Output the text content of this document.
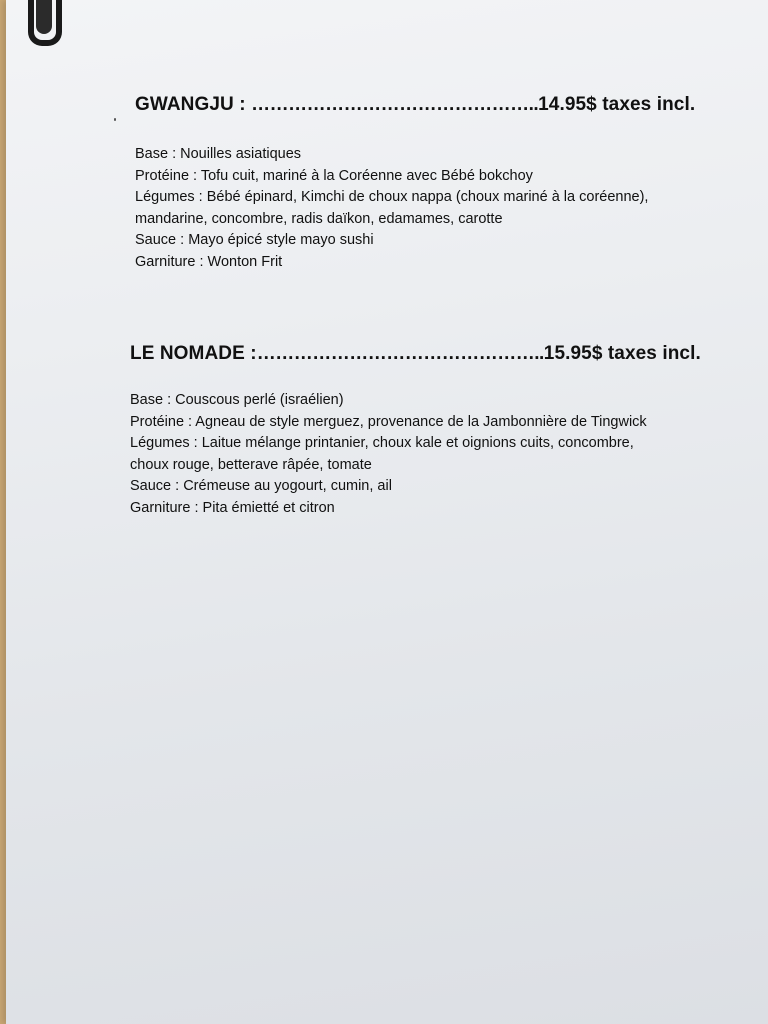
GWANGJU : ………………………………………..14.95$ taxes incl.
Base : Nouilles asiatiques
Protéine : Tofu cuit, mariné à la Coréenne avec Bébé bokchoy
Légumes : Bébé épinard, Kimchi de choux nappa (choux mariné à la coréenne),
mandarine, concombre, radis daïkon, edamames, carotte
Sauce : Mayo épicé style mayo sushi
Garniture : Wonton Frit
LE NOMADE :………………………………………..15.95$ taxes incl.
Base : Couscous perlé (israélien)
Protéine : Agneau de style merguez, provenance de la Jambonnière de Tingwick
Légumes : Laitue mélange printanier, choux kale et oignions cuits, concombre,
choux rouge, betterave râpée, tomate
Sauce : Crémeuse au yogourt, cumin, ail
Garniture : Pita émietté et citron
